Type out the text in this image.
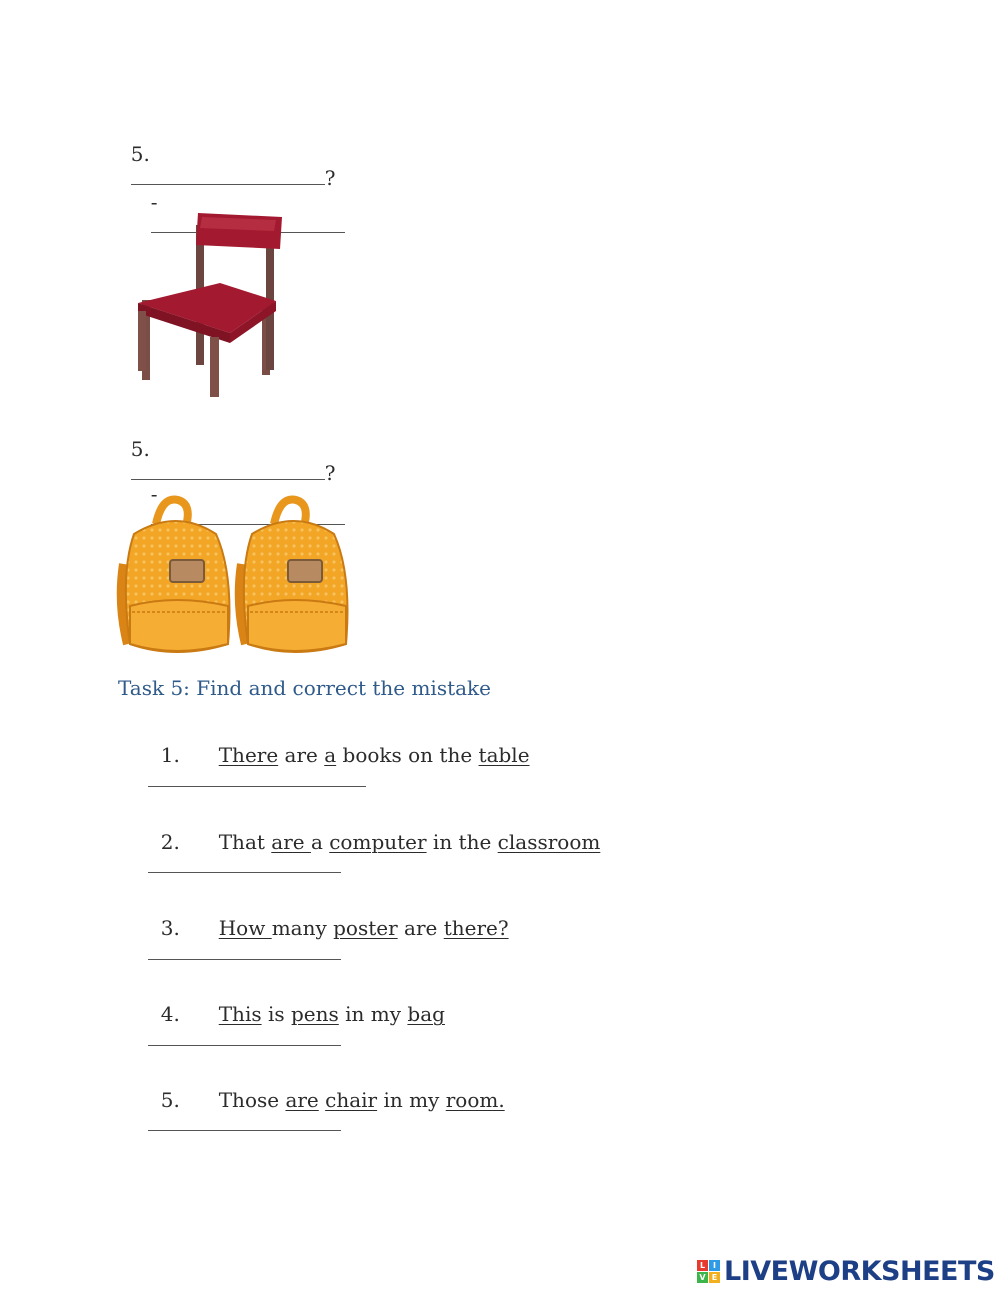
5.
?

-

5.
?

-

Task 5: Find and correct the mistake

1. There are a books on the table

2. That are a computer in the classroom

3. How many poster are there?

4. This is pens in my bag

5. Those are chair in my room.

L I
V E LIVEWORKSHEETS
